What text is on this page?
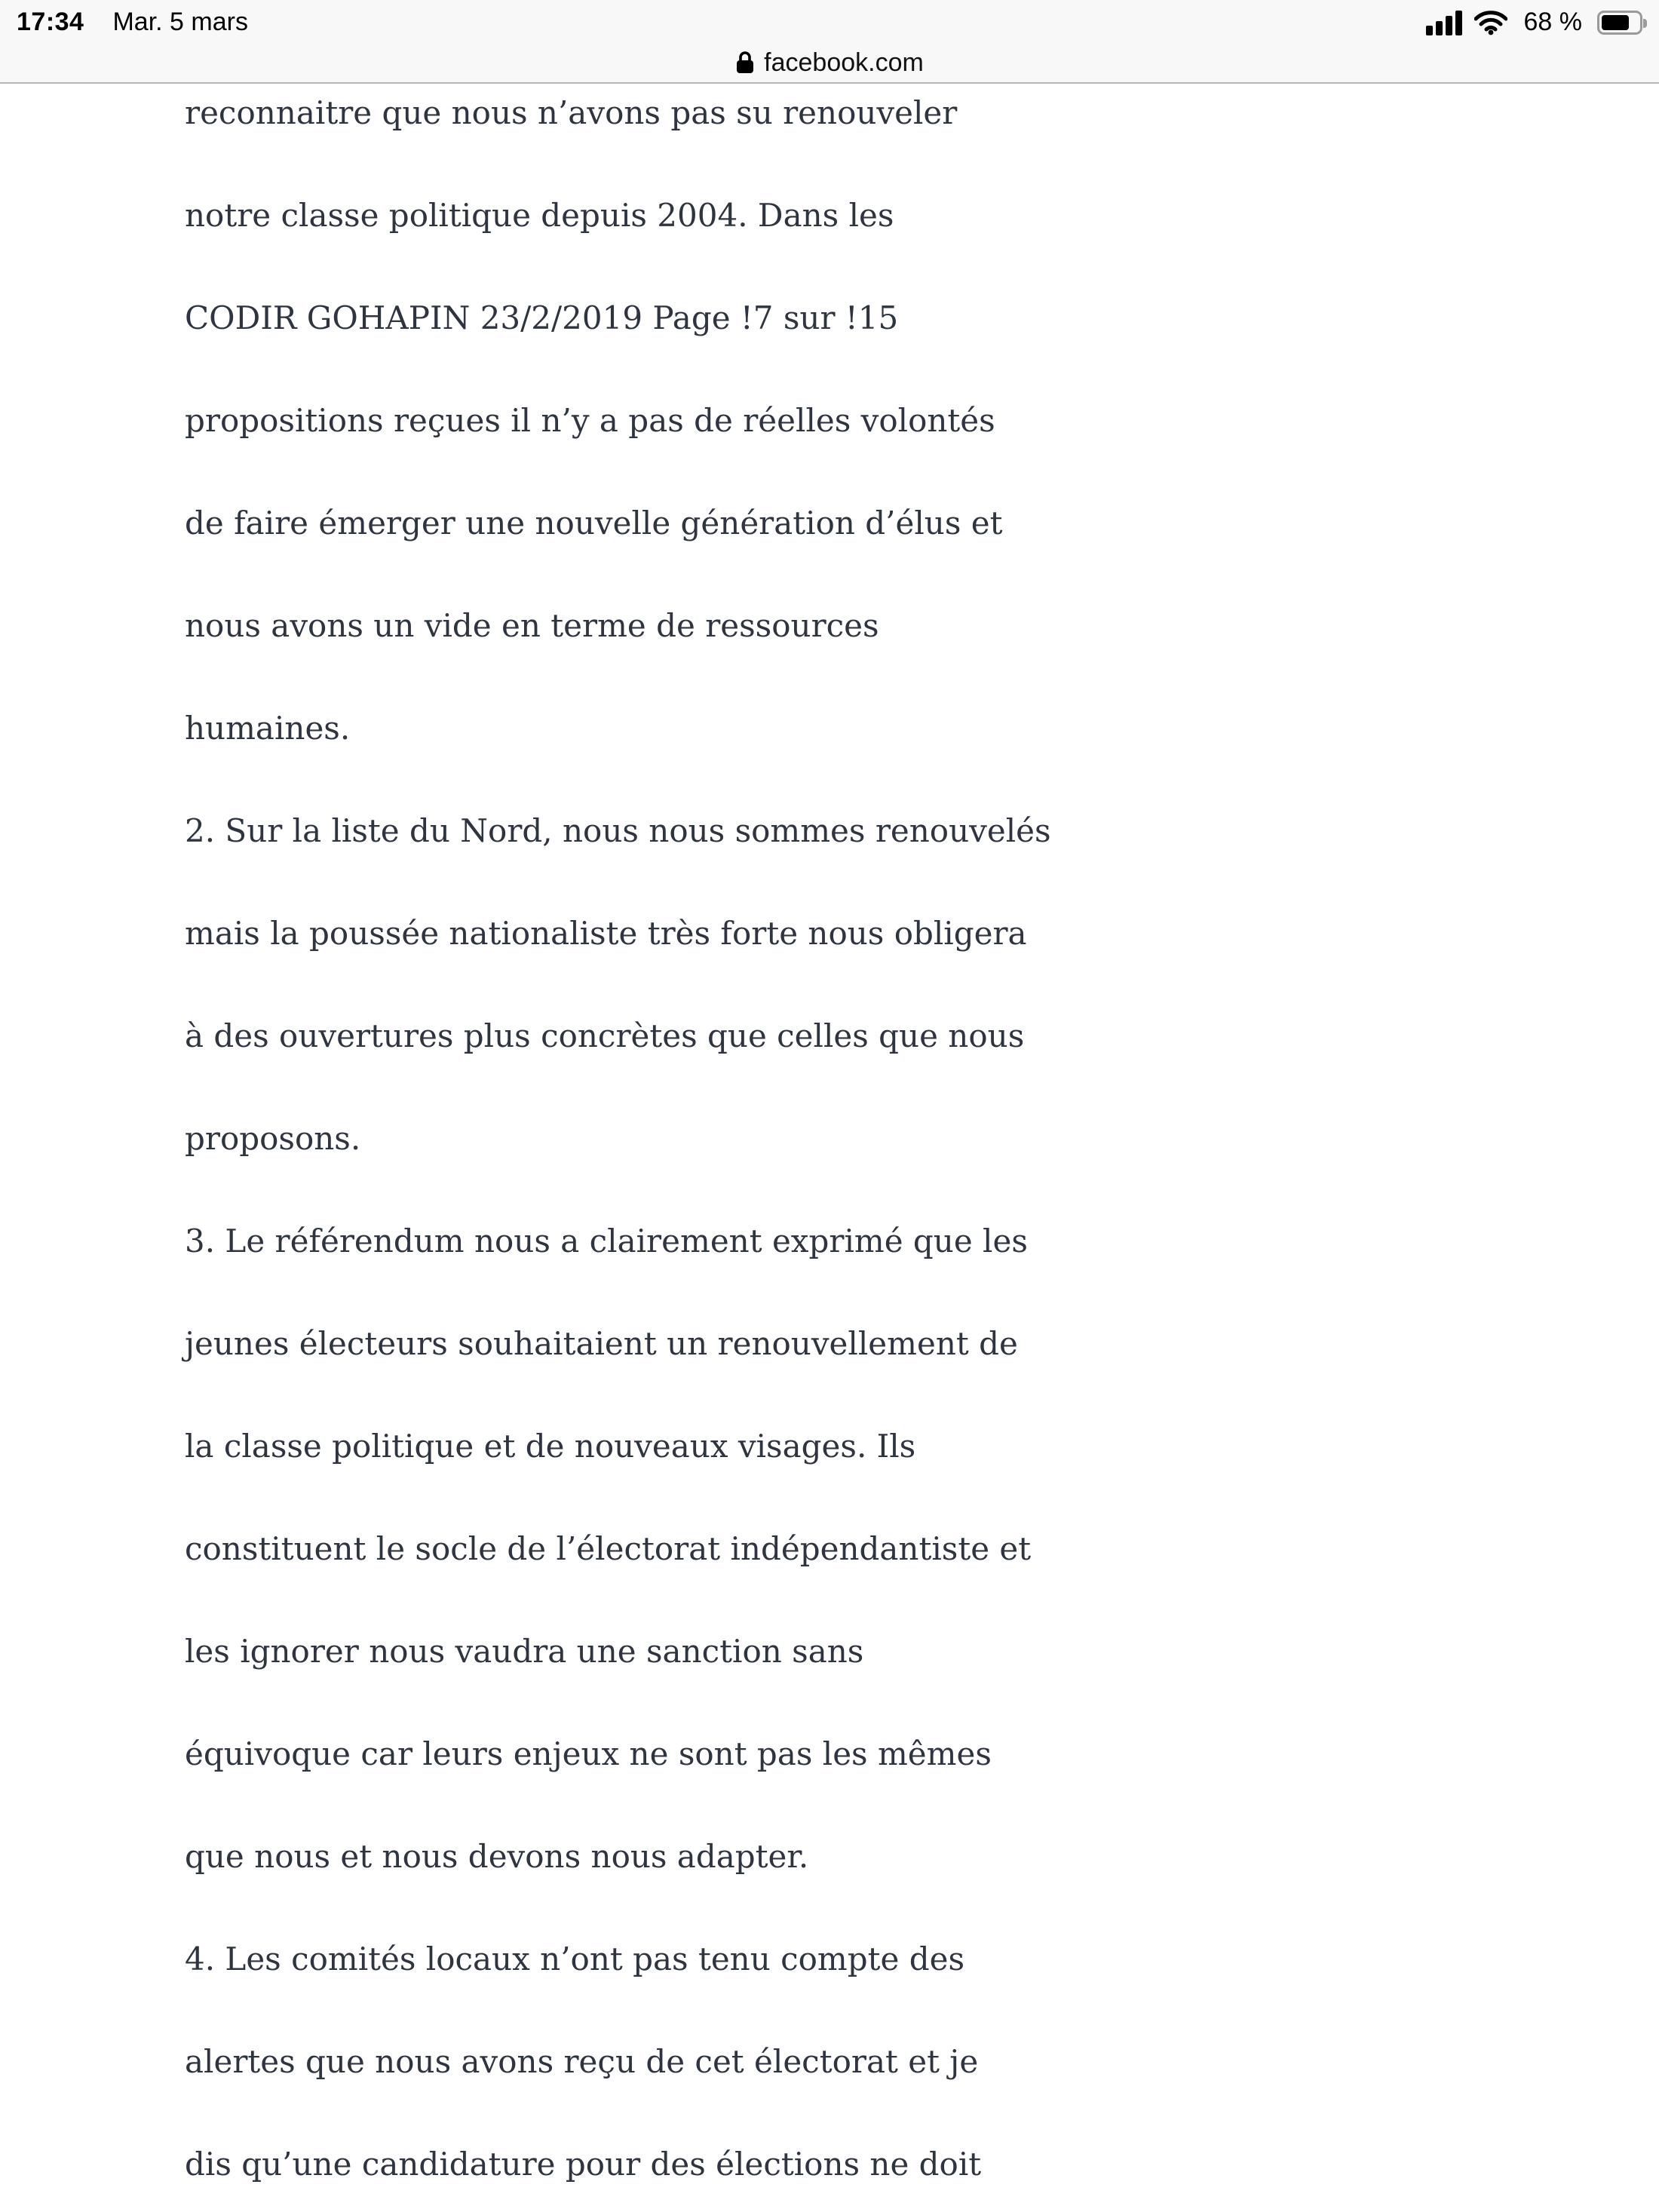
17:34 Mar. 5 mars	68 %
facebook.com
reconnaitre que nous n’avons pas su renouveler
notre classe politique depuis 2004. Dans les
CODIR GOHAPIN 23/2/2019 Page !7 sur !15
propositions reçues il n’y a pas de réelles volontés
de faire émerger une nouvelle génération d’élus et
nous avons un vide en terme de ressources
humaines.
2. Sur la liste du Nord, nous nous sommes renouvelés
mais la poussée nationaliste très forte nous obligera
à des ouvertures plus concrètes que celles que nous
proposons.
3. Le référendum nous a clairement exprimé que les
jeunes électeurs souhaitaient un renouvellement de
la classe politique et de nouveaux visages. Ils
constituent le socle de l’électorat indépendantiste et
les ignorer nous vaudra une sanction sans
équivoque car leurs enjeux ne sont pas les mêmes
que nous et nous devons nous adapter.
4. Les comités locaux n’ont pas tenu compte des
alertes que nous avons reçu de cet électorat et je
dis qu’une candidature pour des élections ne doit
